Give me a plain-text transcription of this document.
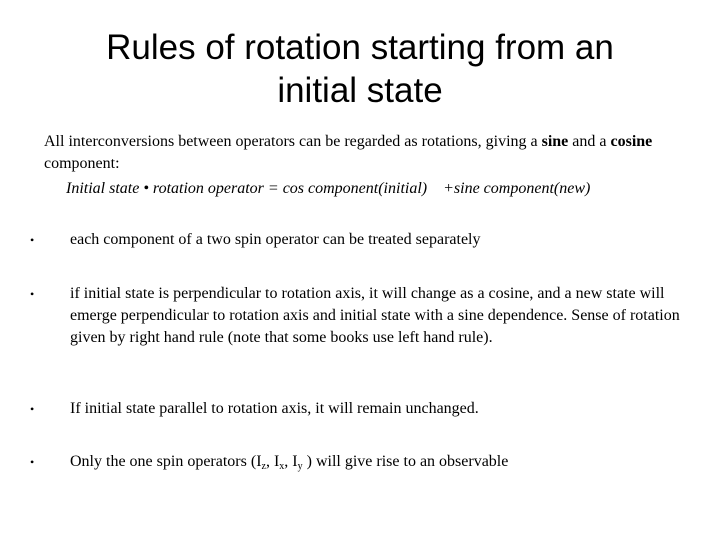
Rules of rotation starting from an
initial state

All interconversions between operators can be regarded as rotations, giving a sine and a cosine component:

Initial state • rotation operator = cos component(initial)    +sine component(new)

•	each component of a two spin operator can be treated separately
•	if initial state is perpendicular to rotation axis, it will change as a cosine, and a new state will emerge perpendicular to rotation axis and initial state with a sine dependence. Sense of rotation given by right hand rule (note that some books use left hand rule).
•	If initial state parallel to rotation axis, it will remain unchanged.
•	Only the one spin operators ($I_z$, $I_x$, $I_y$ ) will give rise to an observable
